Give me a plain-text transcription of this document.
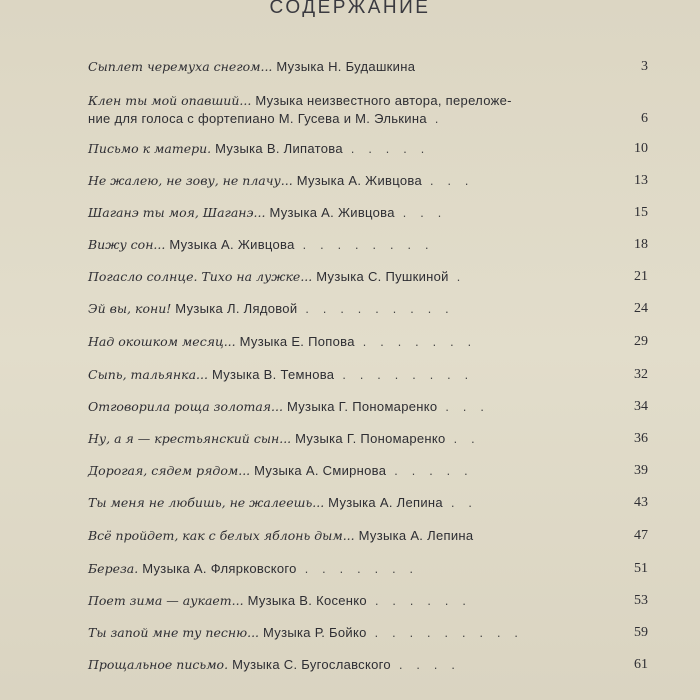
СОДЕРЖАНИЕ
Сыплет черемуха снегом... Музыка Н. Будашкина	3
Клен ты мой опавший... Музыка неизвестного автора, переложе-
ние для голоса с фортепиано М. Гусева и М. Элькина .	6
Письмо к матери. Музыка В. Липатова .....	10
Не жалею, не зову, не плачу... Музыка А. Живцова ...	13
Шаганэ ты моя, Шаганэ... Музыка А. Живцова ...	15
Вижу сон... Музыка А. Живцова ........	18
Погасло солнце. Тихо на лужке... Музыка С. Пушкиной .	21
Эй вы, кони! Музыка Л. Лядовой .........	24
Над окошком месяц... Музыка Е. Попова .......	29
Сыпь, тальянка... Музыка В. Темнова ........	32
Отговорила роща золотая... Музыка Г. Пономаренко ...	34
Ну, а я — крестьянский сын... Музыка Г. Пономаренко ..	36
Дорогая, сядем рядом... Музыка А. Смирнова .....	39
Ты меня не любишь, не жалеешь... Музыка А. Лепина ..	43
Всё пройдет, как с белых яблонь дым... Музыка А. Лепина	47
Береза. Музыка А. Флярковского .......	51
Поет зима — аукает... Музыка В. Косенко ......	53
Ты запой мне ту песню... Музыка Р. Бойко .........	59
Прощальное письмо. Музыка С. Бугославского ....	61
